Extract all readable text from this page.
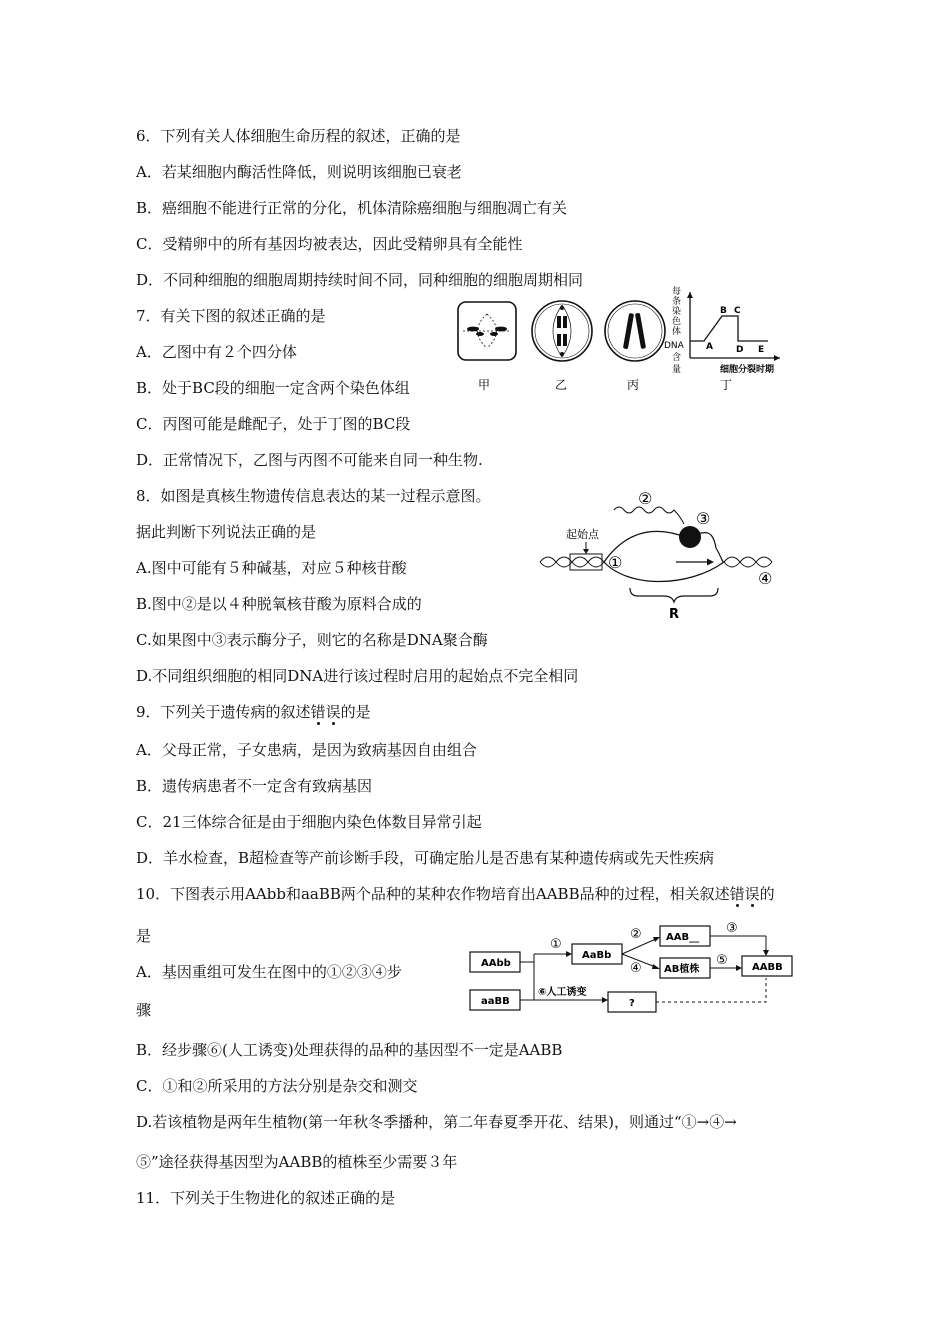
6．下列有关人体细胞生命历程的叙述，正确的是
A．若某细胞内酶活性降低，则说明该细胞已衰老
B．癌细胞不能进行正常的分化，机体清除癌细胞与细胞凋亡有关
C．受精卵中的所有基因均被表达，因此受精卵具有全能性
D．不同种细胞的细胞周期持续时间不同，同种细胞的细胞周期相同
7．有关下图的叙述正确的是
A．乙图中有２个四分体
B．处于BC段的细胞一定含两个染色体组
C．丙图可能是雌配子，处于丁图的BC段
D．正常情况下，乙图与丙图不可能来自同一种生物.
甲	乙	丙
每
条
染
色
体
DNA
含
量
A
B C
D E
细胞分裂时期
丁
8．如图是真核生物遗传信息表达的某一过程示意图。
据此判断下列说法正确的是
A.图中可能有５种碱基，对应５种核苷酸
B.图中②是以４种脱氧核苷酸为原料合成的
C.如果图中③表示酶分子，则它的名称是DNA聚合酶
D.不同组织细胞的相同DNA进行该过程时启用的起始点不完全相同
起始点
①
②
③
④
R
9．下列关于遗传病的叙述错误的是
A．父母正常，子女患病，是因为致病基因自由组合
B．遗传病患者不一定含有致病基因
C．21三体综合征是由于细胞内染色体数目异常引起
D．羊水检查，B超检查等产前诊断手段，可确定胎儿是否患有某种遗传病或先天性疾病
10．下图表示用AAbb和aaBB两个品种的某种农作物培育出AABB品种的过程，相关叙述错误的
是
A．基因重组可发生在图中的①②③④步
骤
B．经步骤⑥(人工诱变)处理获得的品种的基因型不一定是AABB
C．①和②所采用的方法分别是杂交和测交
D.若该植物是两年生植物(第一年秋冬季播种，第二年春夏季开花、结果)，则通过“①→④→
⑤”途径获得基因型为AABB的植株至少需要３年
AAbb
aaBB
①
AaBb
②
④
AAB__
AB植株
③
⑤ AABB
⑥人工诱变
?
11．下列关于生物进化的叙述正确的是
